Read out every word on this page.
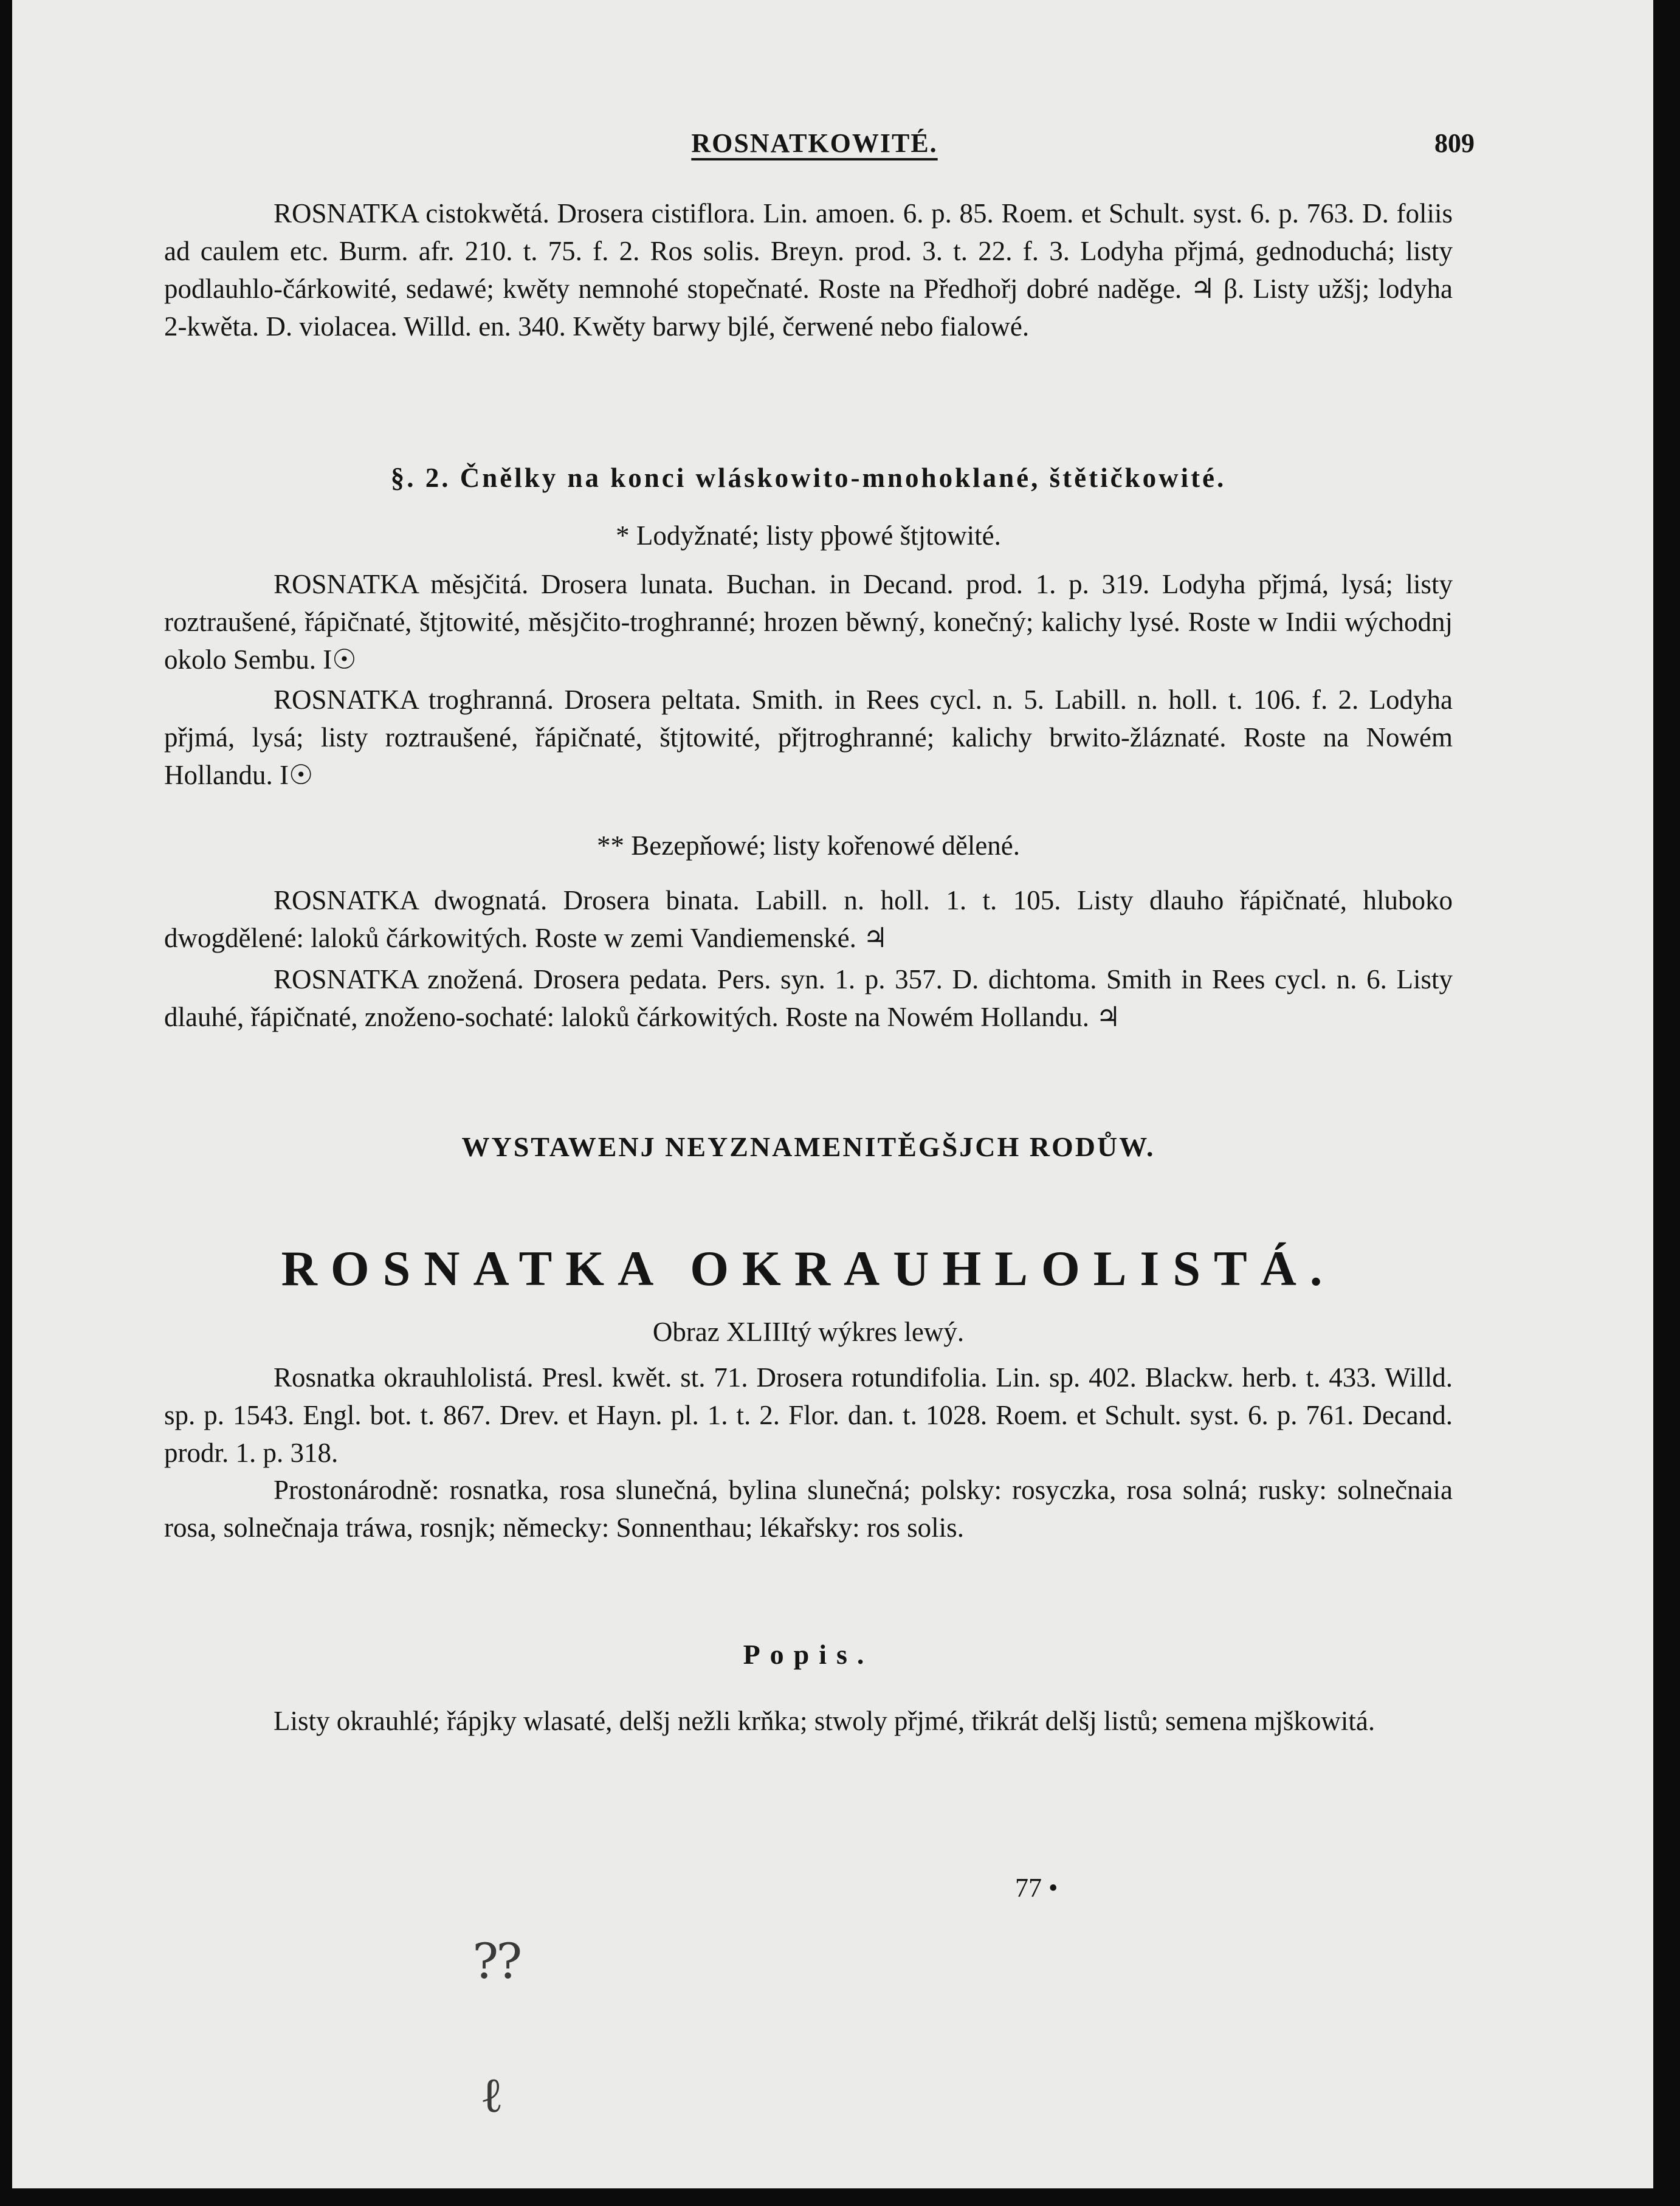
ROSNATKOWITÉ.	809

ROSNATKA cistokwětá. Drosera cistiflora. Lin. amoen. 6. p. 85. Roem. et Schult. syst. 6. p. 763. D. foliis ad caulem etc. Burm. afr. 210. t. 75. f. 2. Ros solis. Breyn. prod. 3. t. 22. f. 3. Lodyha přjmá, gednoduchá; listy podlauhlo-čárkowité, sedawé; kwěty nemnohé stopečnaté. Roste na Předhořj dobré naděge. ♃ β. Listy užšj; lodyha 2-kwěta. D. violacea. Willd. en. 340. Kwěty barwy bjlé, čerwené nebo fialowé.

§. 2. Čnělky na konci wláskowito-mnohoklané, štětičkowité.

* Lodyžnaté; listy pþowé štjtowité.

ROSNATKA měsjčitá. Drosera lunata. Buchan. in Decand. prod. 1. p. 319. Lodyha přjmá, lysá; listy roztraušené, řápičnaté, štjtowité, měsjčito-troghranné; hrozen běwný, konečný; kalichy lysé. Roste w Indii wýchodnj okolo Sembu. I☉

ROSNATKA troghranná. Drosera peltata. Smith. in Rees cycl. n. 5. Labill. n. holl. t. 106. f. 2. Lodyha přjmá, lysá; listy roztraušené, řápičnaté, štjtowité, přjtroghranné; kalichy brwito-žláznaté. Roste na Nowém Hollandu. I☉

** Bezepňowé; listy kořenowé dělené.

ROSNATKA dwognatá. Drosera binata. Labill. n. holl. 1. t. 105. Listy dlauho řápičnaté, hluboko dwogdělené: laloků čárkowitých. Roste w zemi Vandiemenské. ♃

ROSNATKA znožená. Drosera pedata. Pers. syn. 1. p. 357. D. dichtoma. Smith in Rees cycl. n. 6. Listy dlauhé, řápičnaté, znoženo-sochaté: laloků čárkowitých. Roste na Nowém Hollandu. ♃

WYSTAWENJ NEYZNAMENITĚGŠJCH RODŮW.

ROSNATKA OKRAUHLOLISTÁ.

Obraz XLIIItý wýkres lewý.

Rosnatka okrauhlolistá. Presl. kwět. st. 71. Drosera rotundifolia. Lin. sp. 402. Blackw. herb. t. 433. Willd. sp. p. 1543. Engl. bot. t. 867. Drev. et Hayn. pl. 1. t. 2. Flor. dan. t. 1028. Roem. et Schult. syst. 6. p. 761. Decand. prodr. 1. p. 318.

Prostonárodně: rosnatka, rosa slunečná, bylina slunečná; polsky: rosyczka, rosa solná; rusky: solnečnaia rosa, solnečnaja tráwa, rosnjk; německy: Sonnenthau; lékařsky: ros solis.

Popis.

Listy okrauhlé; řápjky wlasaté, delšj nežli krňka; stwoly přjmé, třikrát delšj listů; semena mjškowitá.

77 •
⁇
ℓ
